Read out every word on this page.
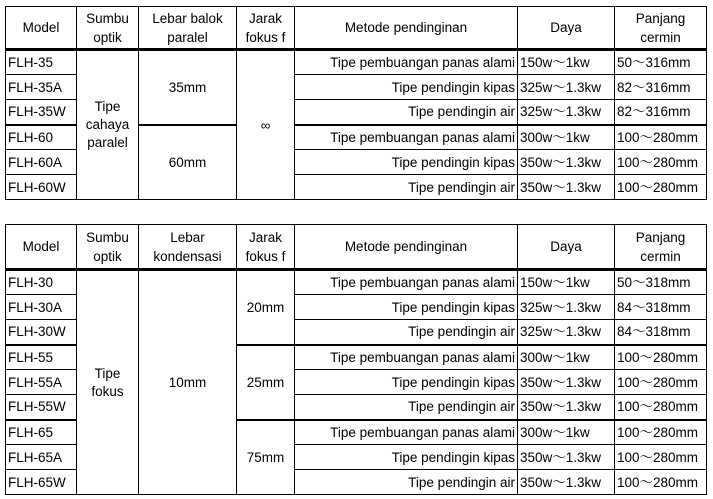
Model	Sumbu optik	Lebar balok paralel	Jarak fokus f	Metode pendinginan	Daya	Panjang cermin
FLH-35	Tipe cahaya paralel	35mm	∞	Tipe pembuangan panas alami	150w～1kw	50～316mm
FLH-35A				Tipe pendingin kipas	325w～1.3kw	82～316mm
FLH-35W				Tipe pendingin air	325w～1.3kw	82～316mm
FLH-60		60mm		Tipe pembuangan panas alami	300w～1kw	100～280mm
FLH-60A				Tipe pendingin kipas	350w～1.3kw	100～280mm
FLH-60W				Tipe pendingin air	350w～1.3kw	100～280mm
Model	Sumbu optik	Lebar kondensasi	Jarak fokus f	Metode pendinginan	Daya	Panjang cermin
FLH-30	Tipe fokus	10mm	20mm	Tipe pembuangan panas alami	150w～1kw	50～318mm
FLH-30A				Tipe pendingin kipas	325w～1.3kw	84～318mm
FLH-30W				Tipe pendingin air	325w～1.3kw	84～318mm
FLH-55			25mm	Tipe pembuangan panas alami	300w～1kw	100～280mm
FLH-55A				Tipe pendingin kipas	350w～1.3kw	100～280mm
FLH-55W				Tipe pendingin air	350w～1.3kw	100～280mm
FLH-65			75mm	Tipe pembuangan panas alami	300w～1kw	100～280mm
FLH-65A				Tipe pendingin kipas	350w～1.3kw	100～280mm
FLH-65W				Tipe pendingin air	350w～1.3kw	100～280mm
